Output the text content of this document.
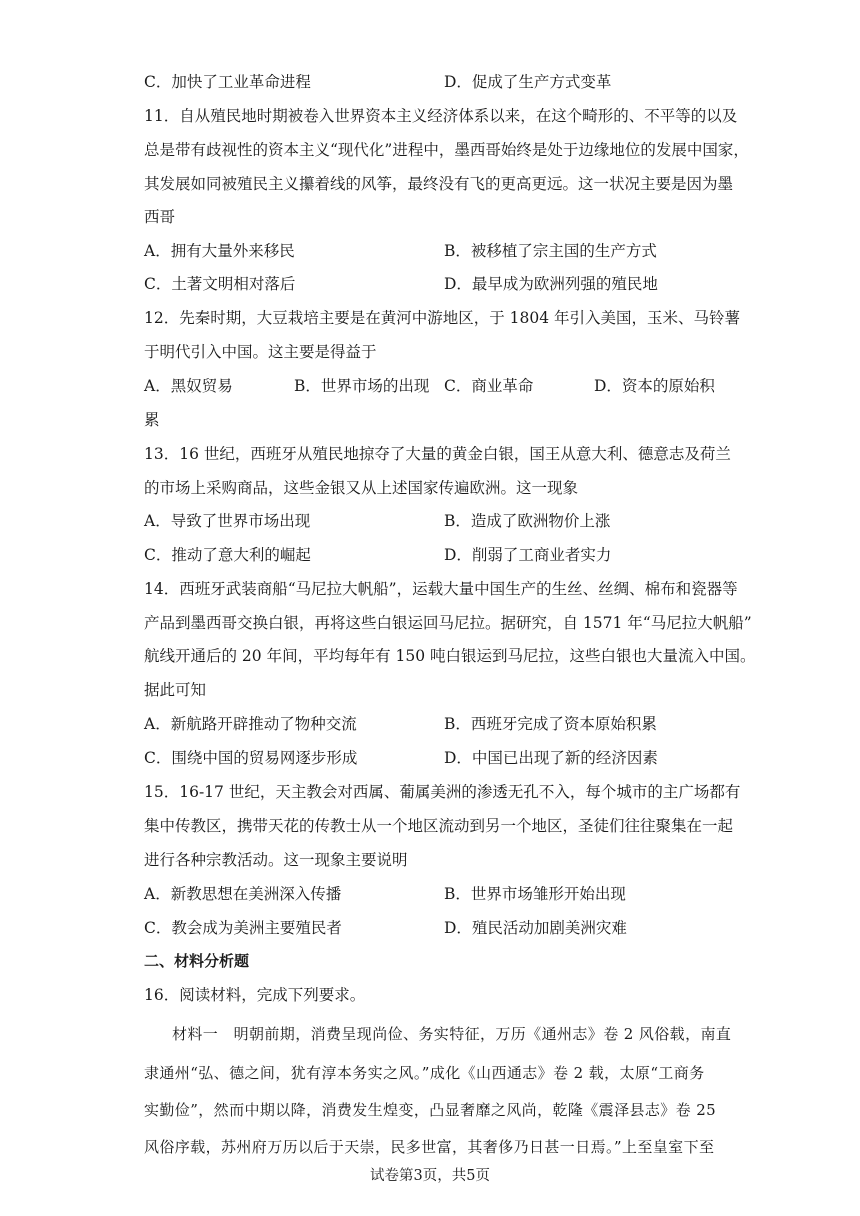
C．加快了工业革命进程	D．促成了生产方式变革
11．自从殖民地时期被卷入世界资本主义经济体系以来，在这个畸形的、不平等的以及
总是带有歧视性的资本主义“现代化”进程中，墨西哥始终是处于边缘地位的发展中国家，
其发展如同被殖民主义攥着线的风筝，最终没有飞的更高更远。这一状况主要是因为墨
西哥
A．拥有大量外来移民	B．被移植了宗主国的生产方式
C．土著文明相对落后	D．最早成为欧洲列强的殖民地
12．先秦时期，大豆栽培主要是在黄河中游地区，于 1804 年引入美国，玉米、马铃薯
于明代引入中国。这主要是得益于
A．黑奴贸易	B．世界市场的出现 C．商业革命	D．资本的原始积
累
13．16 世纪，西班牙从殖民地掠夺了大量的黄金白银，国王从意大利、德意志及荷兰
的市场上采购商品，这些金银又从上述国家传遍欧洲。这一现象
A．导致了世界市场出现	B．造成了欧洲物价上涨
C．推动了意大利的崛起	D．削弱了工商业者实力
14．西班牙武装商船“马尼拉大帆船”，运载大量中国生产的生丝、丝绸、棉布和瓷器等
产品到墨西哥交换白银，再将这些白银运回马尼拉。据研究，自 1571 年“马尼拉大帆船”
航线开通后的 20 年间，平均每年有 150 吨白银运到马尼拉，这些白银也大量流入中国。
据此可知
A．新航路开辟推动了物种交流	B．西班牙完成了资本原始积累
C．围绕中国的贸易网逐步形成	D．中国已出现了新的经济因素
15．16-17 世纪，天主教会对西属、葡属美洲的渗透无孔不入，每个城市的主广场都有
集中传教区，携带天花的传教士从一个地区流动到另一个地区，圣徒们往往聚集在一起
进行各种宗教活动。这一现象主要说明
A．新教思想在美洲深入传播	B．世界市场雏形开始出现
C．教会成为美洲主要殖民者	D．殖民活动加剧美洲灾难
二、材料分析题
16．阅读材料，完成下列要求。
材料一　明朝前期，消费呈现尚俭、务实特征，万历《通州志》卷 2 风俗载，南直
隶通州“弘、德之间，犹有淳本务实之风。”成化《山西通志》卷 2 载，太原“工商务
实勤俭”，然而中期以降，消费发生煌变，凸显奢靡之风尚，乾隆《震泽县志》卷 25
风俗序载，苏州府万历以后于天崇，民多世富，其奢侈乃日甚一日焉。”上至皇室下至
试卷第3页，共5页
